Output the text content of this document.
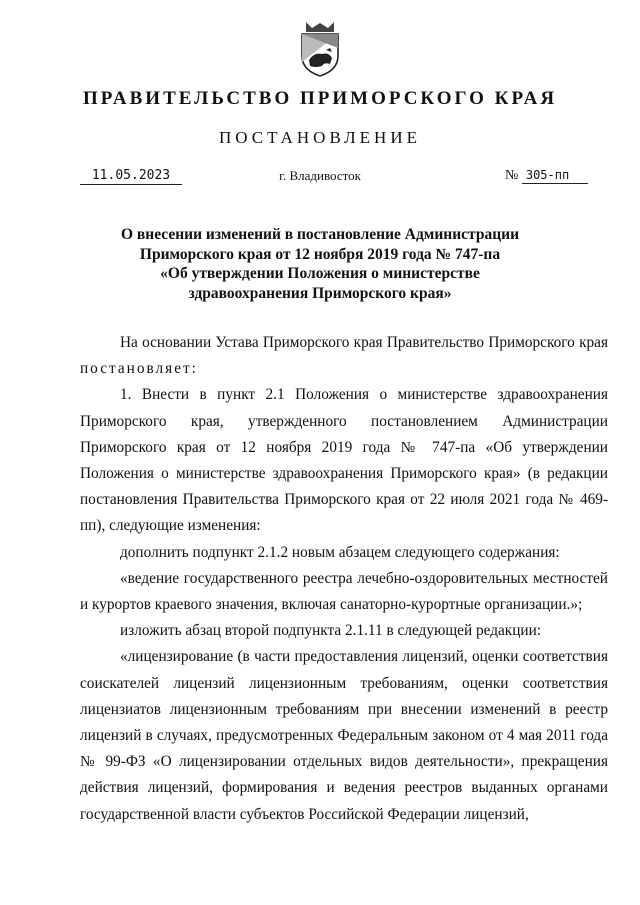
ПРАВИТЕЛЬСТВО ПРИМОРСКОГО КРАЯ
ПОСТАНОВЛЕНИЕ
11.05.2023	г. Владивосток	№ 305-пп
О внесении изменений в постановление Администрации
Приморского края от 12 ноября 2019 года № 747-па
«Об утверждении Положения о министерстве
здравоохранения Приморского края»

На основании Устава Приморского края Правительство Приморского края постановляет:

1. Внести в пункт 2.1 Положения о министерстве здравоохранения Приморского края, утвержденного постановлением Администрации Приморского края от 12 ноября 2019 года № 747-па «Об утверждении Положения о министерстве здравоохранения Приморского края» (в редакции постановления Правительства Приморского края от 22 июля 2021 года № 469-пп), следующие изменения:

дополнить подпункт 2.1.2 новым абзацем следующего содержания:

«ведение государственного реестра лечебно-оздоровительных местностей и курортов краевого значения, включая санаторно-курортные организации.»;

изложить абзац второй подпункта 2.1.11 в следующей редакции:

«лицензирование (в части предоставления лицензий, оценки соответствия соискателей лицензий лицензионным требованиям, оценки соответствия лицензиатов лицензионным требованиям при внесении изменений в реестр лицензий в случаях, предусмотренных Федеральным законом от 4 мая 2011 года № 99-ФЗ «О лицензировании отдельных видов деятельности», прекращения действия лицензий, формирования и ведения реестров выданных органами государственной власти субъектов Российской Федерации лицензий,
